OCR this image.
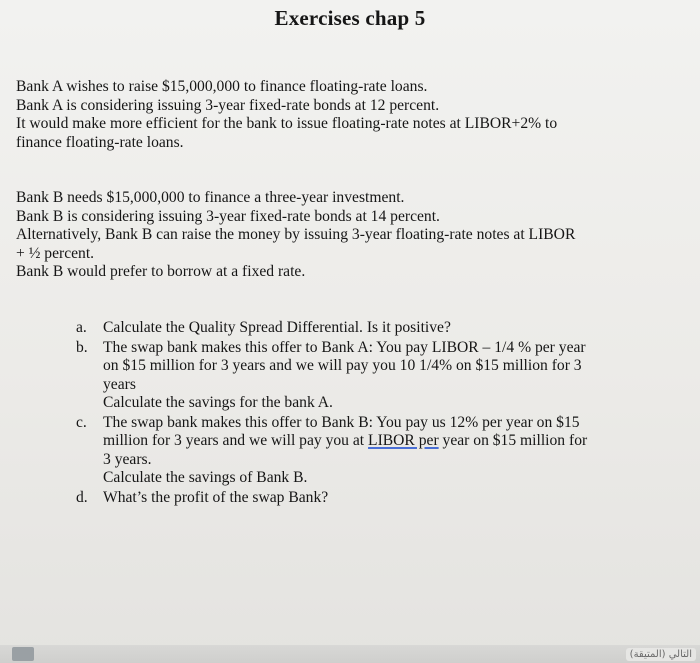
Exercises chap 5
Bank A wishes to raise $15,000,000 to finance floating-rate loans.
Bank A is considering issuing 3-year fixed-rate bonds at 12 percent.
It would make more efficient for the bank to issue floating-rate notes at LIBOR+2% to
finance floating-rate loans.
Bank B needs $15,000,000 to finance a three-year investment.
Bank B is considering issuing 3-year fixed-rate bonds at 14 percent.
Alternatively, Bank B can raise the money by issuing 3-year floating-rate notes at LIBOR
+ ½ percent.
Bank B would prefer to borrow at a fixed rate.
a. Calculate the Quality Spread Differential. Is it positive?
b. The swap bank makes this offer to Bank A: You pay LIBOR – 1/4 % per year
on $15 million for 3 years and we will pay you 10 1/4% on $15 million for 3
years
Calculate the savings for the bank A.
c. The swap bank makes this offer to Bank B: You pay us 12% per year on $15
million for 3 years and we will pay you at LIBOR per year on $15 million for
3 years.
Calculate the savings of Bank B.
d. What’s the profit of the swap Bank?
التالي (المتيقة)
